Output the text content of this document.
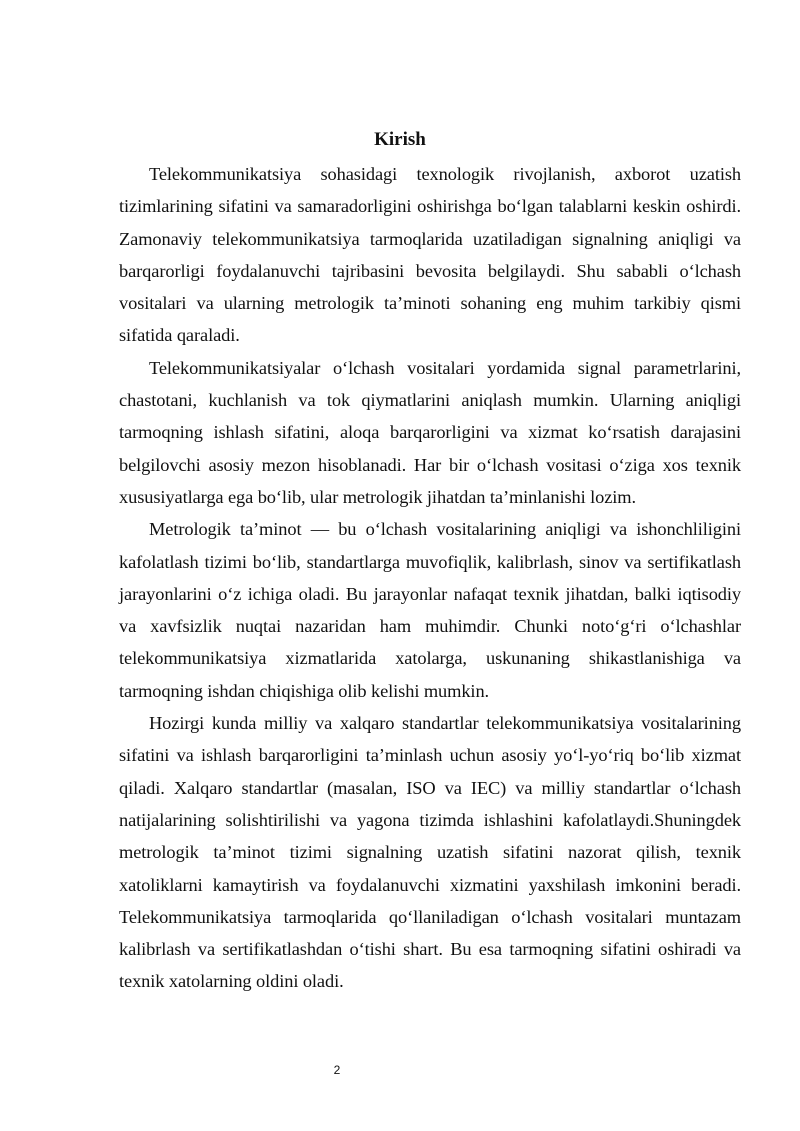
Kirish

Telekommunikatsiya sohasidagi texnologik rivojlanish, axborot uzatish tizimlarining sifatini va samaradorligini oshirishga bo‘lgan talablarni keskin oshirdi. Zamonaviy telekommunikatsiya tarmoqlarida uzatiladigan signalning aniqligi va barqarorligi foydalanuvchi tajribasini bevosita belgilaydi. Shu sababli o‘lchash vositalari va ularning metrologik ta’minoti sohaning eng muhim tarkibiy qismi sifatida qaraladi.

Telekommunikatsiyalar o‘lchash vositalari yordamida signal parametrlarini, chastotani, kuchlanish va tok qiymatlarini aniqlash mumkin. Ularning aniqligi tarmoqning ishlash sifatini, aloqa barqarorligini va xizmat ko‘rsatish darajasini belgilovchi asosiy mezon hisoblanadi. Har bir o‘lchash vositasi o‘ziga xos texnik xususiyatlarga ega bo‘lib, ular metrologik jihatdan ta’minlanishi lozim.

Metrologik ta’minot — bu o‘lchash vositalarining aniqligi va ishonchliligini kafolatlash tizimi bo‘lib, standartlarga muvofiqlik, kalibrlash, sinov va sertifikatlash jarayonlarini o‘z ichiga oladi. Bu jarayonlar nafaqat texnik jihatdan, balki iqtisodiy va xavfsizlik nuqtai nazaridan ham muhimdir. Chunki noto‘g‘ri o‘lchashlar telekommunikatsiya xizmatlarida xatolarga, uskunaning shikastlanishiga va tarmoqning ishdan chiqishiga olib kelishi mumkin.

Hozirgi kunda milliy va xalqaro standartlar telekommunikatsiya vositalarining sifatini va ishlash barqarorligini ta’minlash uchun asosiy yo‘l-yo‘riq bo‘lib xizmat qiladi. Xalqaro standartlar (masalan, ISO va IEC) va milliy standartlar o‘lchash natijalarining solishtirilishi va yagona tizimda ishlashini kafolatlaydi.Shuningdek metrologik ta’minot tizimi signalning uzatish sifatini nazorat qilish, texnik xatoliklarni kamaytirish va foydalanuvchi xizmatini yaxshilash imkonini beradi. Telekommunikatsiya tarmoqlarida qo‘llaniladigan o‘lchash vositalari muntazam kalibrlash va sertifikatlashdan o‘tishi shart. Bu esa tarmoqning sifatini oshiradi va texnik xatolarning oldini oladi.

2
